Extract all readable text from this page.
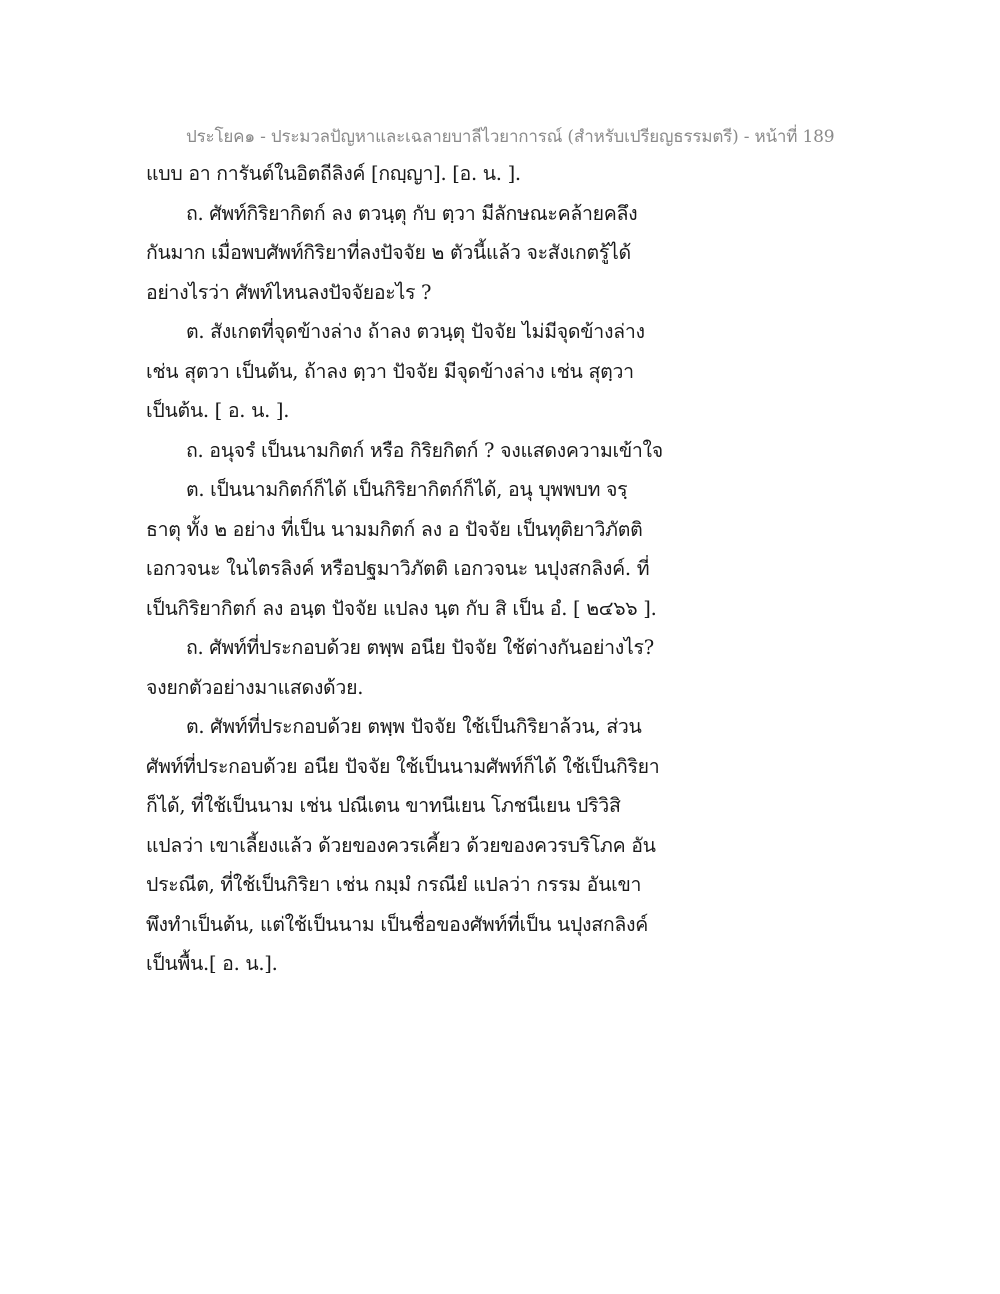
ประโยค๑ - ประมวลปัญหาและเฉลายบาลีไวยาการณ์ (สำหรับเปรียญธรรมตรี) - หน้าที่ 189
แบบ อา การันต์ในอิตถีลิงค์ [กญฺญา]. [อ. น. ].
ถ. ศัพท์กิริยากิตก์ ลง ตวนฺตุ กับ ตฺวา มีลักษณะคล้ายคลึง
กันมาก เมื่อพบศัพท์กิริยาที่ลงปัจจัย ๒ ตัวนี้แล้ว จะสังเกตรู้ได้
อย่างไรว่า ศัพท์ไหนลงปัจจัยอะไร ?
ต. สังเกตที่จุดข้างล่าง ถ้าลง ตวนฺตุ ปัจจัย ไม่มีจุดข้างล่าง
เช่น สุตวา เป็นต้น, ถ้าลง ตฺวา ปัจจัย มีจุดข้างล่าง เช่น สุตฺวา
เป็นต้น. [ อ. น. ].
ถ. อนุจรํ เป็นนามกิตก์ หรือ กิริยกิตก์ ? จงแสดงความเข้าใจ
ต. เป็นนามกิตก์ก็ได้ เป็นกิริยากิตก์ก็ได้, อนุ บุพพบท จรฺ
ธาตุ ทั้ง ๒ อย่าง ที่เป็น นามมกิตก์ ลง อ ปัจจัย เป็นทุติยาวิภัตติ
เอกวจนะ ในไตรลิงค์ หรือปฐมาวิภัตติ เอกวจนะ นปุงสกลิงค์. ที่
เป็นกิริยากิตก์ ลง อนฺต ปัจจัย แปลง นฺต กับ สิ เป็น อํ. [ ๒๔๖๖ ].
ถ. ศัพท์ที่ประกอบด้วย ตพฺพ อนีย ปัจจัย ใช้ต่างกันอย่างไร?
จงยกตัวอย่างมาแสดงด้วย.
ต. ศัพท์ที่ประกอบด้วย ตพฺพ ปัจจัย ใช้เป็นกิริยาล้วน, ส่วน
ศัพท์ที่ประกอบด้วย อนีย ปัจจัย ใช้เป็นนามศัพท์ก็ได้ ใช้เป็นกิริยา
ก็ได้, ที่ใช้เป็นนาม เช่น ปณีเตน ขาทนีเยน โภชนีเยน ปริวิสิ
แปลว่า เขาเลี้ยงแล้ว ด้วยของควรเคี้ยว ด้วยของควรบริโภค อัน
ประณีต, ที่ใช้เป็นกิริยา เช่น กมฺมํ กรณียํ แปลว่า กรรม อันเขา
พึงทำเป็นต้น, แต่ใช้เป็นนาม เป็นชื่อของศัพท์ที่เป็น นปุงสกลิงค์
เป็นพื้น.[ อ. น.].
